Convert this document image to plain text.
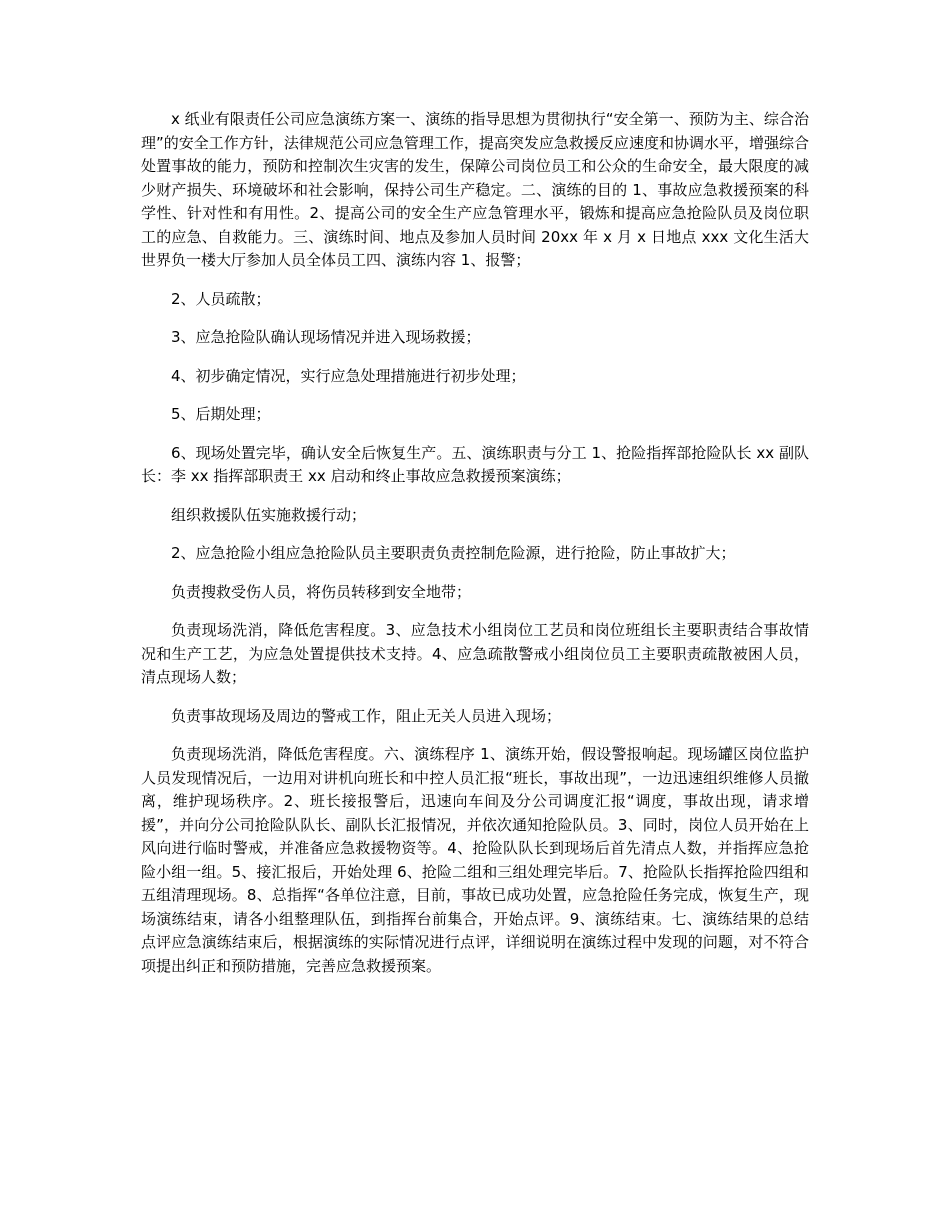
x 纸业有限责任公司应急演练方案一、演练的指导思想为贯彻执行“安全第一、预防为主、综合治理”的安全工作方针，法律规范公司应急管理工作，提高突发应急救援反应速度和协调水平，增强综合处置事故的能力，预防和控制次生灾害的发生，保障公司岗位员工和公众的生命安全，最大限度的减少财产损失、环境破坏和社会影响，保持公司生产稳定。二、演练的目的 1、事故应急救援预案的科学性、针对性和有用性。2、提高公司的安全生产应急管理水平，锻炼和提高应急抢险队员及岗位职工的应急、自救能力。三、演练时间、地点及参加人员时间 20xx 年 x 月 x 日地点 xxx 文化生活大世界负一楼大厅参加人员全体员工四、演练内容 1、报警；

2、人员疏散；

3、应急抢险队确认现场情况并进入现场救援；

4、初步确定情况，实行应急处理措施进行初步处理；

5、后期处理；

6、现场处置完毕，确认安全后恢复生产。五、演练职责与分工 1、抢险指挥部抢险队长 xx 副队长：李 xx 指挥部职责王 xx 启动和终止事故应急救援预案演练；

组织救援队伍实施救援行动；

2、应急抢险小组应急抢险队员主要职责负责控制危险源，进行抢险，防止事故扩大；

负责搜救受伤人员，将伤员转移到安全地带；

负责现场洗消，降低危害程度。3、应急技术小组岗位工艺员和岗位班组长主要职责结合事故情况和生产工艺，为应急处置提供技术支持。4、应急疏散警戒小组岗位员工主要职责疏散被困人员，清点现场人数；

负责事故现场及周边的警戒工作，阻止无关人员进入现场；

负责现场洗消，降低危害程度。六、演练程序 1、演练开始，假设警报响起。现场罐区岗位监护人员发现情况后，一边用对讲机向班长和中控人员汇报“班长，事故出现”，一边迅速组织维修人员撤离，维护现场秩序。2、班长接报警后，迅速向车间及分公司调度汇报“调度，事故出现，请求增援”，并向分公司抢险队队长、副队长汇报情况，并依次通知抢险队员。3、同时，岗位人员开始在上风向进行临时警戒，并准备应急救援物资等。4、抢险队队长到现场后首先清点人数，并指挥应急抢险小组一组。5、接汇报后，开始处理 6、抢险二组和三组处理完毕后。7、抢险队长指挥抢险四组和五组清理现场。8、总指挥“各单位注意，目前，事故已成功处置，应急抢险任务完成，恢复生产，现场演练结束，请各小组整理队伍，到指挥台前集合，开始点评。9、演练结束。七、演练结果的总结点评应急演练结束后，根据演练的实际情况进行点评，详细说明在演练过程中发现的问题，对不符合项提出纠正和预防措施，完善应急救援预案。
